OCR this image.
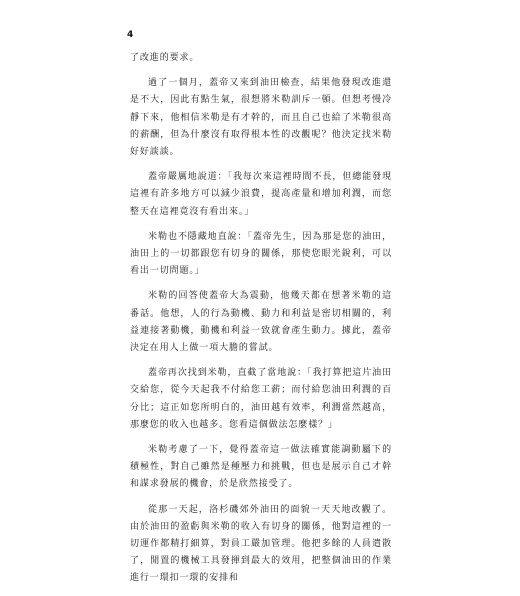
4

了改進的要求。

過了一個月，蓋帝又來到油田檢查，結果他發現改進還是不大，因此有點生氣，很想將米勒訓斥一頓。但想考慢冷靜下來，他相信米勒是有才幹的，而且自己也給了米勒很高的薪酬，但為什麼沒有取得根本性的改觀呢？他決定找米勒好好談談。

蓋帝嚴厲地說道：「我每次來這裡時間不長，但總能發現這裡有許多地方可以減少浪費，提高產量和增加利潤，而您整天在這裡竟沒有看出來。」

米勒也不隱藏地直說：「蓋帝先生，因為那是您的油田，油田上的一切都跟您有切身的關係，那使您眼光銳利，可以看出一切問題。」

米勒的回答使蓋帝大為震動，他幾天都在想著米勒的這番話。他想，人的行為動機、動力和利益是密切相關的，利益連接著動機，動機和利益一致就會產生動力。據此，蓋帝決定在用人上做一項大膽的嘗試。

蓋帝再次找到米勒，直截了當地說：「我打算把這片油田交給您，從今天起我不付給您工薪；而付給您油田利潤的百分比；這正如您所明白的，油田越有效率，利潤當然越高，那麼您的收入也越多。您看這個做法怎麼樣？」

米勒考慮了一下，覺得蓋帝這一做法確實能調動屬下的積極性，對自己雖然是種壓力和挑戰，但也是展示自己才幹和謀求發展的機會，於是欣然接受了。

從那一天起，洛杉磯郊外油田的面貌一天天地改觀了。由於油田的盈虧與米勒的收入有切身的關係，他對這裡的一切運作都精打細算，對員工嚴加管理。他把多餘的人員遣散了，閒置的機械工具發揮到最大的效用，把整個油田的作業進行一環扣一環的安排和
